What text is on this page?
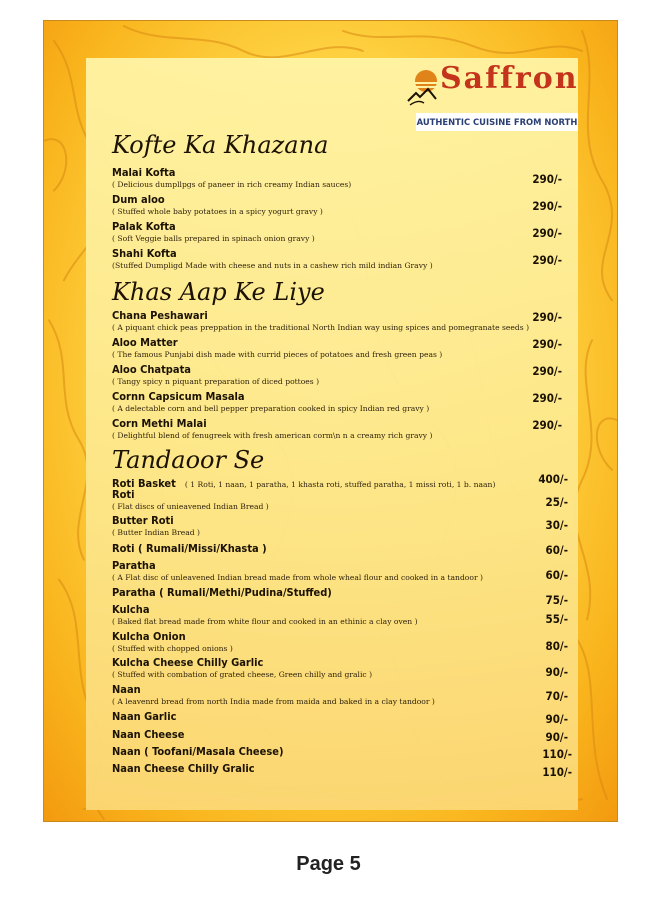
Saffron
AUTHENTIC CUISINE FROM NORTH
Kofte Ka Khazana
Malai Kofta
( Delicious dumpllpgs of paneer in rich creamy Indian sauces)	290/-
Dum aloo
( Stuffed whole baby potatoes in a spicy yogurt gravy )	290/-
Palak Kofta
( Soft Veggie balls prepared in spinach onion gravy )	290/-
Shahi Kofta
(Stuffed Dumpligd Made with cheese and nuts in a cashew rich mild indian Gravy )	290/-
Khas Aap Ke Liye
Chana Peshawari
( A piquant chick peas preppation in the traditional North Indian way using spices and pomegranate seeds )
290/-
Aloo Matter
( The famous Punjabi dish made with currid pieces of potatoes and fresh green peas )
290/-
Aloo Chatpata
( Tangy spicy n piquant preparation of diced pottoes )
290/-
Cornn Capsicum Masala
( A delectable corn and bell pepper preparation cooked in spicy Indian red gravy )
290/-
Corn Methi Malai
( Delightful blend of fenugreek with fresh american corm\n n a creamy rich gravy )
290/-
Tandaoor Se
Roti Basket ( 1 Roti, 1 naan, 1 paratha, 1 khasta roti, stuffed paratha, 1 missi roti, 1 b. naan)	400/-
Roti
( Flat discs of unieavened Indian Bread )	25/-
Butter Roti
( Butter Indian Bread )
30/-
Roti ( Rumali/Missi/Khasta )	60/-
Paratha
( A Flat disc of unleavened Indian bread made from whole wheal flour and cooked in a tandoor )	60/-
Paratha ( Rumali/Methi/Pudina/Stuffed)
75/-
Kulcha
( Baked flat bread made from white flour and cooked in an ethinic a clay oven )	55/-
Kulcha Onion
( Stuffed with chopped onions )	80/-
Kulcha Cheese Chilly Garlic
( Stuffed with combation of grated cheese, Green chilly and gralic )	90/-
Naan
( A leavenrd bread from north India made from maida and baked in a clay tandoor )	70/-
Naan Garlic	90/-
Naan Cheese	90/-
Naan ( Toofani/Masala Cheese)	110/-
Naan Cheese Chilly Gralic	110/-
Page 5
